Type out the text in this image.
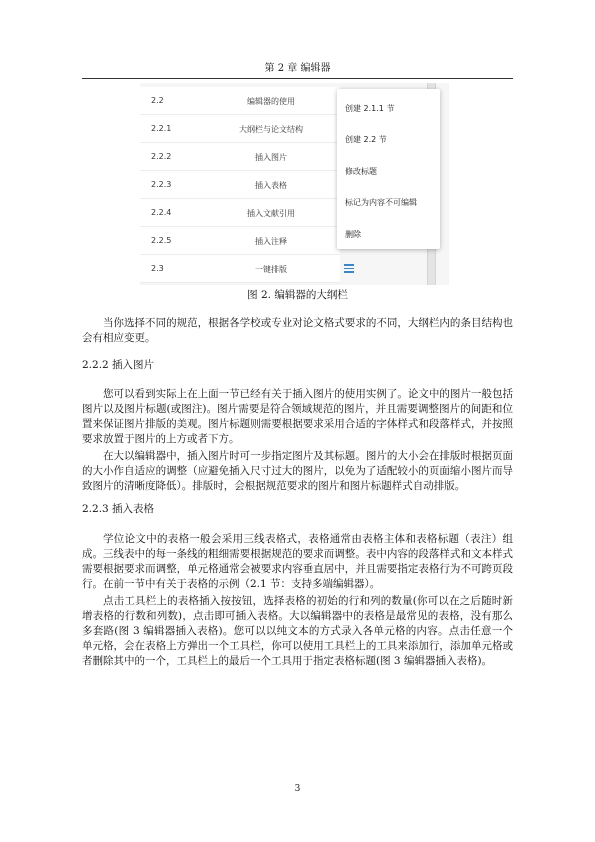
第 2 章 编辑器
2.2	编辑器的使用
2.2.1	大纲栏与论文结构
2.2.2	插入图片
2.2.3	插入表格
2.2.4	插入文献引用
2.2.5	插入注释
2.3	一键排版
创建 2.1.1 节
创建 2.2 节
修改标题
标记为内容不可编辑
删除
图 2. 编辑器的大纲栏

当你选择不同的规范，根据各学校或专业对论文格式要求的不同，大纲栏内的条目结构也会有相应变更。

2.2.2 插入图片

您可以看到实际上在上面一节已经有关于插入图片的使用实例了。论文中的图片一般包括图片以及图片标题(或图注)。图片需要是符合领域规范的图片，并且需要调整图片的间距和位置来保证图片排版的美观。图片标题则需要根据要求采用合适的字体样式和段落样式，并按照要求放置于图片的上方或者下方。

在大以编辑器中，插入图片时可一步指定图片及其标题。图片的大小会在排版时根据页面的大小作自适应的调整（应避免插入尺寸过大的图片，以免为了适配较小的页面缩小图片而导致图片的清晰度降低）。排版时，会根据规范要求的图片和图片标题样式自动排版。

2.2.3 插入表格

学位论文中的表格一般会采用三线表格式，表格通常由表格主体和表格标题（表注）组成。三线表中的每一条线的粗细需要根据规范的要求而调整。表中内容的段落样式和文本样式需要根据要求而调整，单元格通常会被要求内容垂直居中，并且需要指定表格行为不可跨页段行。在前一节中有关于表格的示例（2.1 节：支持多端编辑器）。

点击工具栏上的表格插入按按钮，选择表格的初始的行和列的数量(你可以在之后随时新增表格的行数和列数)，点击即可插入表格。大以编辑器中的表格是最常见的表格，没有那么多套路(图 3 编辑器插入表格)。您可以以纯文本的方式录入各单元格的内容。点击任意一个单元格，会在表格上方弹出一个工具栏，你可以使用工具栏上的工具来添加行，添加单元格或者删除其中的一个，工具栏上的最后一个工具用于指定表格标题(图 3 编辑器插入表格)。

3
